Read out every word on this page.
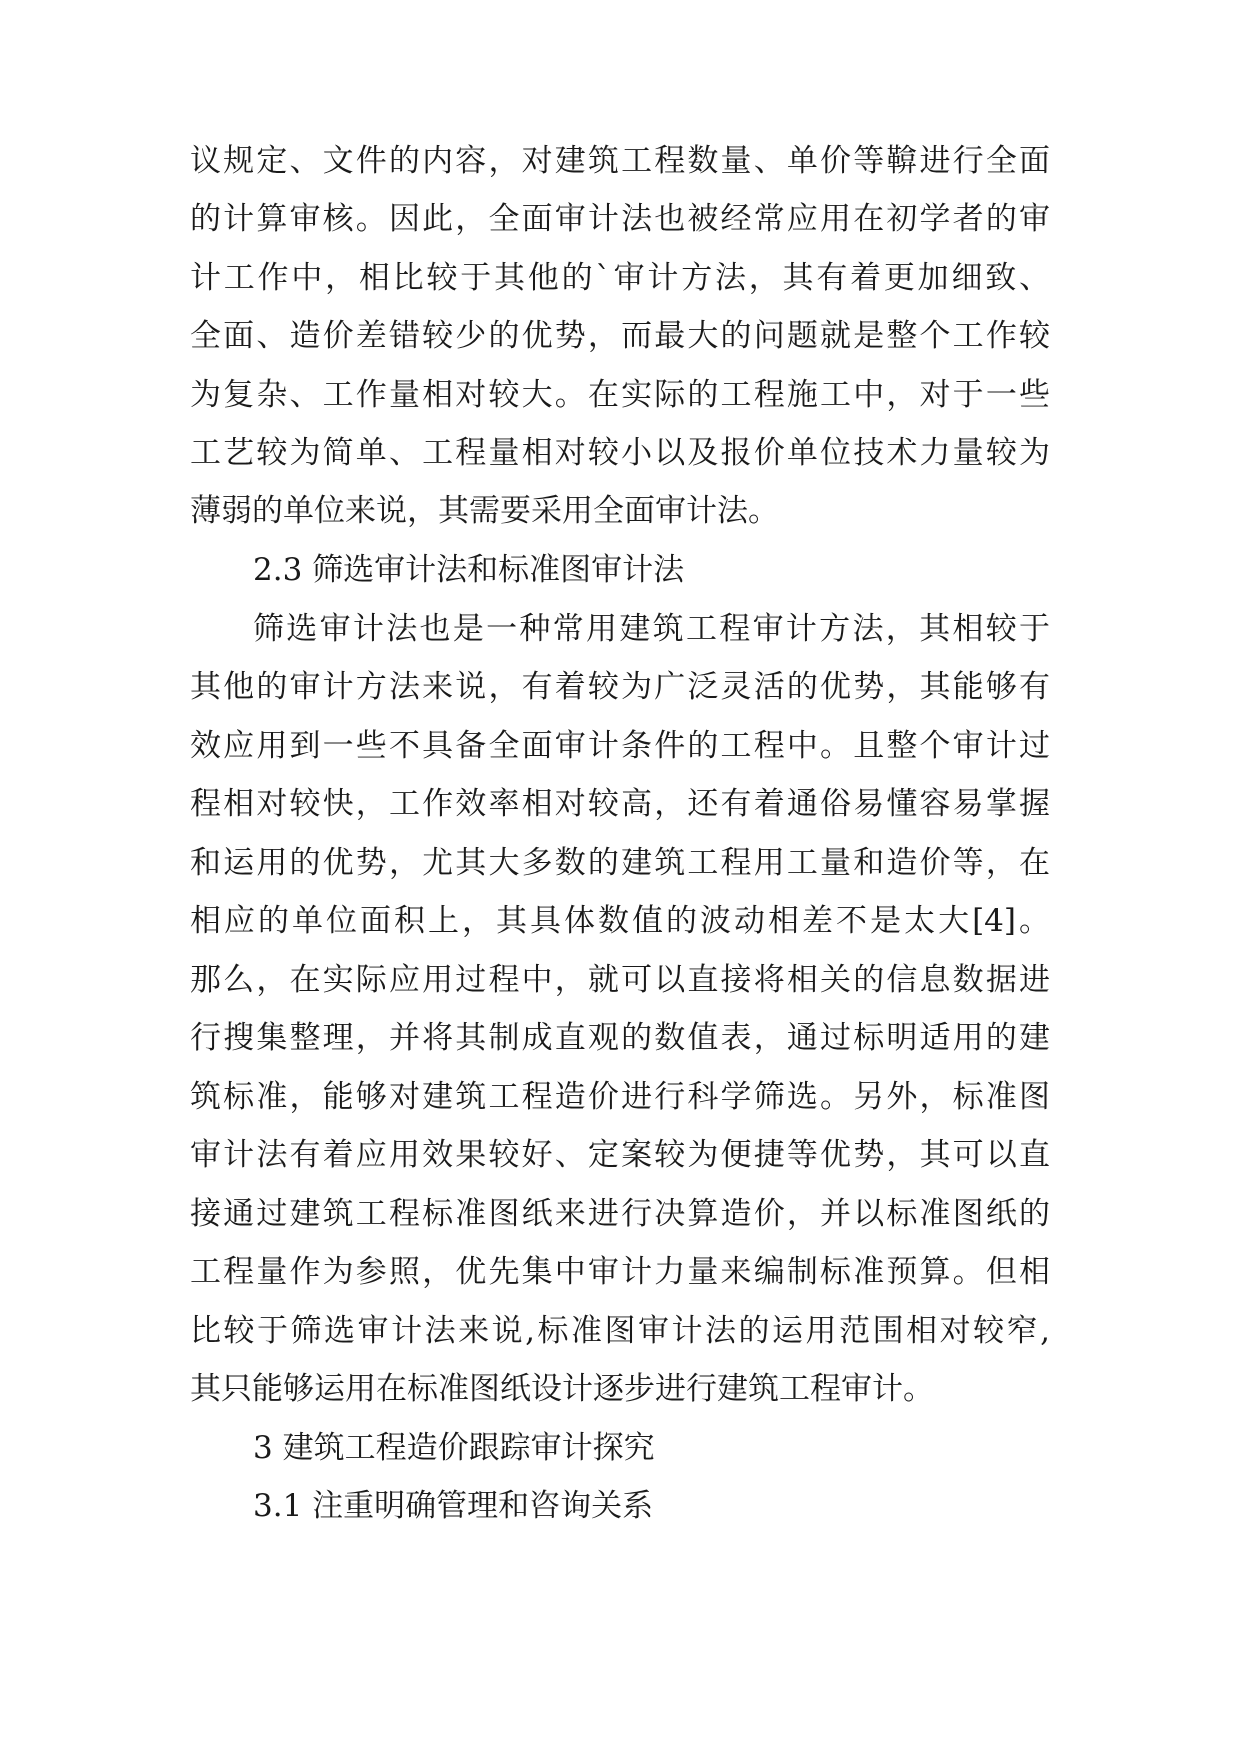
议规定、文件的内容，对建筑工程数量、单价等鞥进行全面
的计算审核。因此，全面审计法也被经常应用在初学者的审
计工作中，相比较于其他的`审计方法，其有着更加细致、
全面、造价差错较少的优势，而最大的问题就是整个工作较
为复杂、工作量相对较大。在实际的工程施工中，对于一些
工艺较为简单、工程量相对较小以及报价单位技术力量较为
薄弱的单位来说，其需要采用全面审计法。
2.3 筛选审计法和标准图审计法
筛选审计法也是一种常用建筑工程审计方法，其相较于
其他的审计方法来说，有着较为广泛灵活的优势，其能够有
效应用到一些不具备全面审计条件的工程中。且整个审计过
程相对较快，工作效率相对较高，还有着通俗易懂容易掌握
和运用的优势，尤其大多数的建筑工程用工量和造价等，在
相应的单位面积上，其具体数值的波动相差不是太大[4]。
那么，在实际应用过程中，就可以直接将相关的信息数据进
行搜集整理，并将其制成直观的数值表，通过标明适用的建
筑标准，能够对建筑工程造价进行科学筛选。另外，标准图
审计法有着应用效果较好、定案较为便捷等优势，其可以直
接通过建筑工程标准图纸来进行决算造价，并以标准图纸的
工程量作为参照，优先集中审计力量来编制标准预算。但相
比较于筛选审计法来说,标准图审计法的运用范围相对较窄,
其只能够运用在标准图纸设计逐步进行建筑工程审计。
3 建筑工程造价跟踪审计探究
3.1 注重明确管理和咨询关系
